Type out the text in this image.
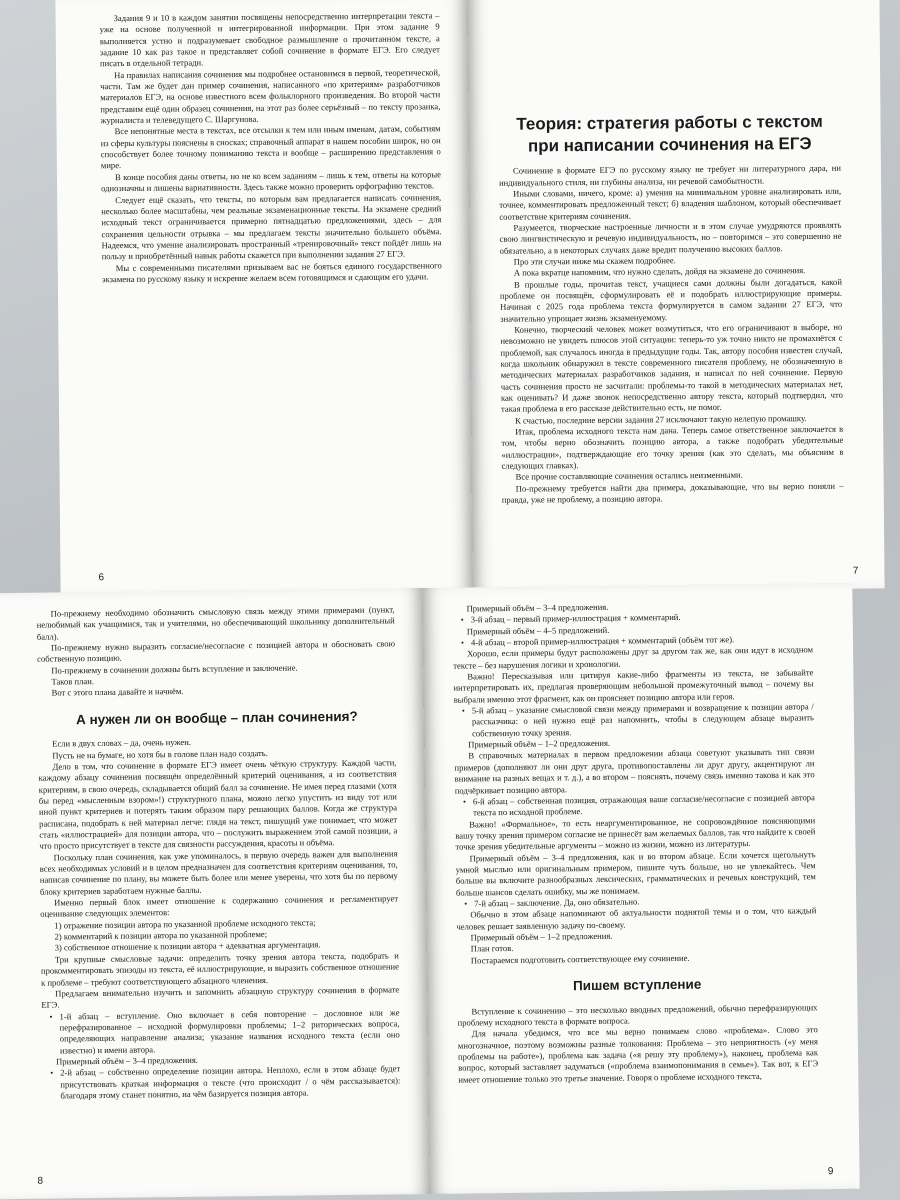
Задания 9 и 10 в каждом занятии посвящены непосредственно интерпретации текста – уже на основе полученной и интегрированной информации. При этом задание 9 выполняется устно и подразумевает свободное размышление о прочитанном тексте, а задание 10 как раз такое и представляет собой сочинение в формате ЕГЭ. Его следует писать в отдельной тетради.

На правилах написания сочинения мы подробнее остановимся в первой, теоретической, части. Там же будет дан пример сочинения, написанного «по критериям» разработчиков материалов ЕГЭ, на основе известного всем фольклорного произведения. Во второй части представим ещё один образец сочинения, на этот раз более серьёзный – по тексту прозаика, журналиста и телеведущего С. Шаргунова.

Все непонятные места в текстах, все отсылки к тем или иным именам, датам, событиям из сферы культуры пояснены в сносках; справочный аппарат в нашем пособии широк, но он способствует более точному пониманию текста и вообще – расширению представления о мире.

В конце пособия даны ответы, но не ко всем заданиям – лишь к тем, ответы на которые однозначны и лишены вариативности. Здесь также можно проверить орфографию текстов.

Следует ещё сказать, что тексты, по которым вам предлагается написать сочинения, несколько более масштабны, чем реальные экзаменационные тексты. На экзамене средний исходный текст ограничивается примерно пятнадцатью предложениями, здесь – для сохранения цельности отрывка – мы предлагаем тексты значительно большего объёма. Надеемся, что умение анализировать пространный «тренировочный» текст пойдёт лишь на пользу и приобретённый навык работы скажется при выполнении задания 27 ЕГЭ.

Мы с современными писателями призываем вас не бояться единого государственного экзамена по русскому языку и искренне желаем всем готовящимся и сдающим его удачи.

6
Теория: стратегия работы с текстом при написании сочинения на ЕГЭ

Сочинение в формате ЕГЭ по русскому языку не требует ни литературного дара, ни индивидуального стиля, ни глубины анализа, ни речевой самобытности.

Иными словами, ничего, кроме: а) умения на минимальном уровне анализировать или, точнее, комментировать предложенный текст; б) владения шаблоном, который обеспечивает соответствие критериям сочинения.

Разумеется, творческие настроенные личности и в этом случае умудряются проявлять свою лингвистическую и речевую индивидуальность, но – повторимся – это совершенно не обязательно, а в некоторых случаях даже вредит получению высоких баллов.

Про эти случаи ниже мы скажем подробнее.

А пока вкратце напомним, что нужно сделать, дойдя на экзамене до сочинения.

В прошлые годы, прочитав текст, учащиеся сами должны были догадаться, какой проблеме он посвящён, сформулировать её и подобрать иллюстрирующие примеры. Начиная с 2025 года проблема текста формулируется в самом задании 27 ЕГЭ, что значительно упрощает жизнь экзаменуемому.

Конечно, творческий человек может возмутиться, что его ограничивают в выборе, но невозможно не увидеть плюсов этой ситуации: теперь-то уж точно никто не промахнётся с проблемой, как случалось иногда в предыдущие годы. Так, автору пособия известен случай, когда школьник обнаружил в тексте современного писателя проблему, не обозначенную в методических материалах разработчиков задания, и написал по ней сочинение. Первую часть сочинения просто не засчитали: проблемы-то такой в методических материалах нет, как оценивать? И даже звонок непосредственно автору текста, который подтвердил, что такая проблема в его рассказе действительно есть, не помог.

К счастью, последние версии задания 27 исключают такую нелепую промашку.

Итак, проблема исходного текста нам дана. Теперь самое ответственное заключается в том, чтобы верно обозначить позицию автора, а также подобрать убедительные «иллюстрации», подтверждающие его точку зрения (как это сделать, мы объясним в следующих главках).

Все прочие составляющие сочинения остались неизменными.

По-прежнему требуется найти два примера, доказывающие, что вы верно поняли – правда, уже не проблему, а позицию автора.

7

По-прежнему необходимо обозначить смысловую связь между этими примерами (пункт, нелюбимый как учащимися, так и учителями, но обеспечивающий школьнику дополнительный балл).

По-прежнему нужно выразить согласие/несогласие с позицией автора и обосновать свою собственную позицию.

По-прежнему в сочинении должны быть вступление и заключение.

Таков план.

Вот с этого плана давайте и начнём.

А нужен ли он вообще – план сочинения?

Если в двух словах – да, очень нужен.

Пусть не на бумаге, но хотя бы в голове план надо создать.

Дело в том, что сочинение в формате ЕГЭ имеет очень чёткую структуру. Каждой части, каждому абзацу сочинения посвящён определённый критерий оценивания, а из соответствия критериям, в свою очередь, складывается общий балл за сочинение. Не имея перед глазами (хотя бы перед «мысленным взором»!) структурного плана, можно легко упустить из виду тот или иной пункт критериев и потерять таким образом пару решающих баллов. Когда же структура расписана, подобрать к ней материал легче: глядя на текст, пишущий уже понимает, что может стать «иллюстрацией» для позиции автора, что – послужить выражением этой самой позиции, а что просто присутствует в тексте для связности рассуждения, красоты и объёма.

Поскольку план сочинения, как уже упоминалось, в первую очередь важен для выполнения всех необходимых условий и в целом предназначен для соответствия критериям оценивания, то, написав сочинение по плану, вы можете быть более или менее уверены, что хотя бы по первому блоку критериев заработаем нужные баллы.

Именно первый блок имеет отношение к содержанию сочинения и регламентирует оценивание следующих элементов:

1) отражение позиции автора по указанной проблеме исходного текста;

2) комментарий к позиции автора по указанной проблеме;

3) собственное отношение к позиции автора + адекватная аргументация.

Три крупные смысловые задачи: определить точку зрения автора текста, подобрать и прокомментировать эпизоды из текста, её иллюстрирующие, и выразить собственное отношение к проблеме – требуют соответствующего абзацного членения.

Предлагаем внимательно изучить и запомнить абзацную структуру сочинения в формате ЕГЭ.

• 1-й абзац – вступление. Оно включает в себя повторение – дословное или же перефразированное – исходной формулировки проблемы; 1–2 риторических вопроса, определяющих направление анализа; указание названия исходного текста (если оно известно) и имени автора.

Примерный объём – 3–4 предложения.

• 2-й абзац – собственно определение позиции автора. Неплохо, если в этом абзаце будет присутствовать краткая информация о тексте (что происходит / о чём рассказывается): благодаря этому станет понятно, на чём базируется позиция автора.

8

Примерный объём – 3–4 предложения.

• 3-й абзац – первый пример-иллюстрация + комментарий.

Примерный объём – 4–5 предложений.

• 4-й абзац – второй пример-иллюстрация + комментарий (объём тот же).

Хорошо, если примеры будут расположены друг за другом так же, как они идут в исходном тексте – без нарушения логики и хронологии.

Важно! Пересказывая или цитируя какие-либо фрагменты из текста, не забывайте интерпретировать их, предлагая проверяющим небольшой промежуточный вывод – почему вы выбрали именно этот фрагмент, как он проясняет позицию автора или героя.

• 5-й абзац – указание смысловой связи между примерами и возвращение к позиции автора / рассказчика: о ней нужно ещё раз напомнить, чтобы в следующем абзаце выразить собственную точку зрения.

Примерный объём – 1–2 предложения.

В справочных материалах в первом предложении абзаца советуют указывать тип связи примеров (дополняют ли они друг друга, противопоставлены ли друг другу, акцентируют ли внимание на разных вещах и т. д.), а во втором – пояснять, почему связь именно такова и как это подчёркивает позицию автора.

• 6-й абзац – собственная позиция, отражающая ваше согласие/несогласие с позицией автора текста по исходной проблеме.

Важно! «Формальное», то есть неаргументированное, не сопровождённое поясняющими вашу точку зрения примером согласие не принесёт вам желаемых баллов, так что найдите к своей точке зрения убедительные аргументы – можно из жизни, можно из литературы.

Примерный объём – 3–4 предложения, как и во втором абзаце. Если хочется щегольнуть умной мыслью или оригинальным примером, пишите чуть больше, но не увлекайтесь. Чем больше вы включите разнообразных лексических, грамматических и речевых конструкций, тем больше шансов сделать ошибку, мы же понимаем.

• 7-й абзац – заключение. Да, оно обязательно.

Обычно в этом абзаце напоминают об актуальности поднятой темы и о том, что каждый человек решает заявленную задачу по-своему.

Примерный объём – 1–2 предложения.

План готов.

Постараемся подготовить соответствующее ему сочинение.

Пишем вступление

Вступление к сочинению – это несколько вводных предложений, обычно перефразирующих проблему исходного текста в формате вопроса.

Для начала убедимся, что все мы верно понимаем слово «проблема». Слово это многозначное, поэтому возможны разные толкования: Проблема – это неприятность («у меня проблемы на работе»), проблема как задача («я решу эту проблему»), наконец, проблема как вопрос, который заставляет задуматься («проблема взаимопонимания в семье»). Так вот, к ЕГЭ имеет отношение только это третье значение. Говоря о проблеме исходного текста,

9
